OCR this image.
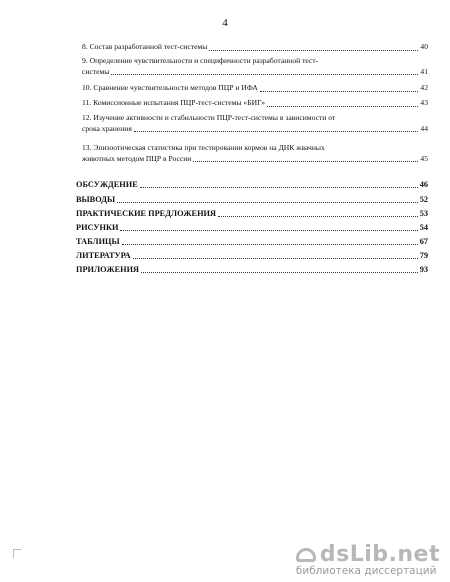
4
8. Состав разработанной тест-системы	40
9. Определение чувствительности и специфичности разработанной тест-
системы	41
10. Сравнение чувствительности методов ПЦР и ИФА	42
11. Комиссионные испытания ПЦР-тест-системы «БИГ»	43
12. Изучение активности и стабильности ПЦР-тест-системы в зависимости от
срока хранения	44
13. Эпизоотическая статистика при тестировании кормов на ДНК жвачных
животных методом ПЦР в России	45
ОБСУЖДЕНИЕ	46
ВЫВОДЫ	52
ПРАКТИЧЕСКИЕ ПРЕДЛОЖЕНИЯ	53
РИСУНКИ	54
ТАБЛИЦЫ	67
ЛИТЕРАТУРА	79
ПРИЛОЖЕНИЯ	93
dsLib.net
библиотека диссертаций
